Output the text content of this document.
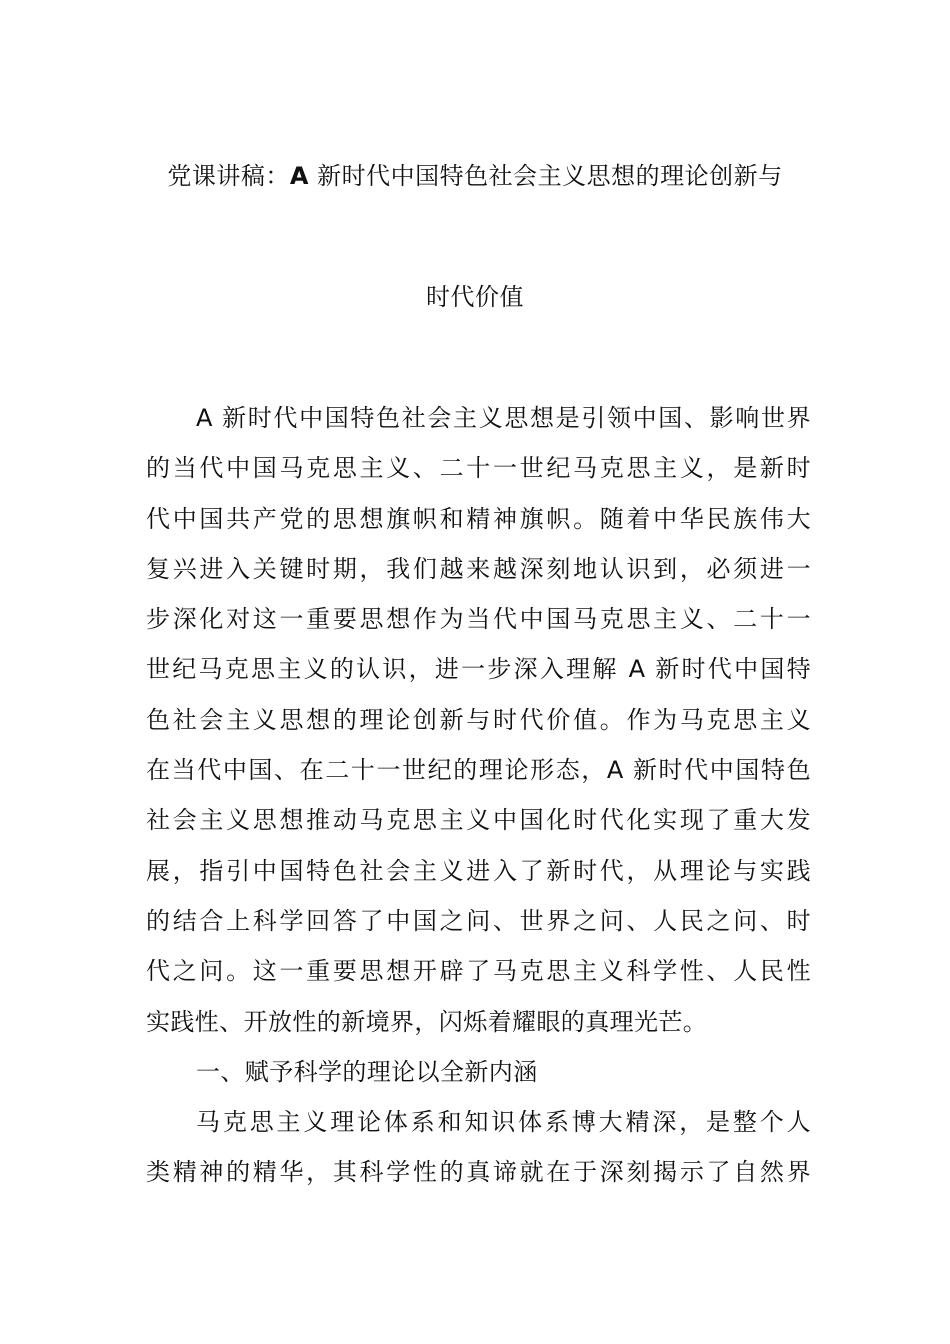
党课讲稿：A 新时代中国特色社会主义思想的理论创新与
时代价值
A 新时代中国特色社会主义思想是引领中国、影响世界
的当代中国马克思主义、二十一世纪马克思主义，是新时
代中国共产党的思想旗帜和精神旗帜。随着中华民族伟大
复兴进入关键时期，我们越来越深刻地认识到，必须进一
步深化对这一重要思想作为当代中国马克思主义、二十一
世纪马克思主义的认识，进一步深入理解 A 新时代中国特
色社会主义思想的理论创新与时代价值。作为马克思主义
在当代中国、在二十一世纪的理论形态，A 新时代中国特色
社会主义思想推动马克思主义中国化时代化实现了重大发
展，指引中国特色社会主义进入了新时代，从理论与实践
的结合上科学回答了中国之问、世界之问、人民之问、时
代之问。这一重要思想开辟了马克思主义科学性、人民性
实践性、开放性的新境界，闪烁着耀眼的真理光芒。
一、赋予科学的理论以全新内涵
马克思主义理论体系和知识体系博大精深，是整个人
类精神的精华，其科学性的真谛就在于深刻揭示了自然界
